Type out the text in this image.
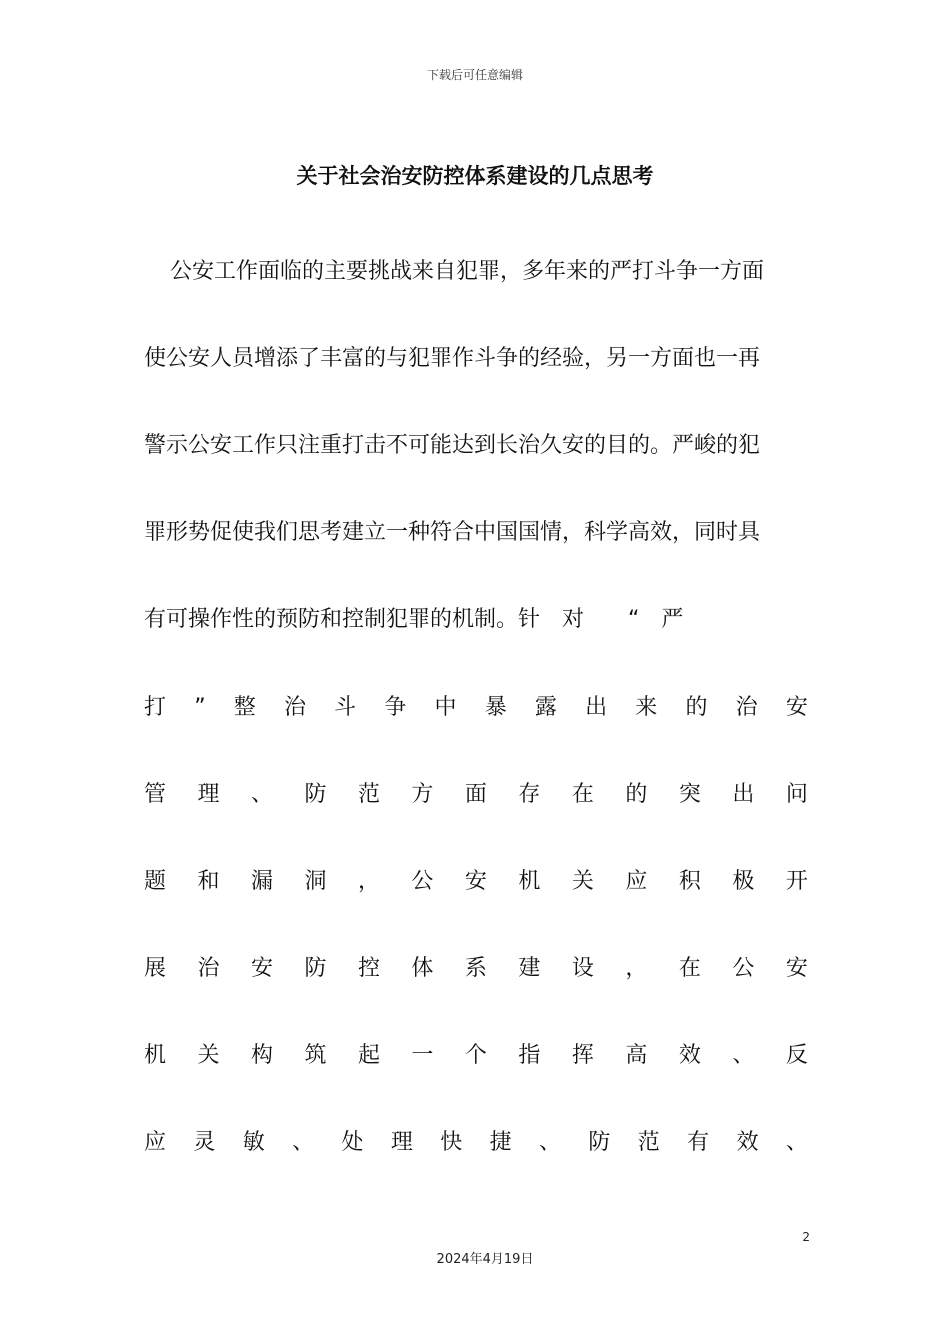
下载后可任意编辑
关于社会治安防控体系建设的几点思考
公安工作面临的主要挑战来自犯罪，多年来的严打斗争一方面
使公安人员增添了丰富的与犯罪作斗争的经验，另一方面也一再
警示公安工作只注重打击不可能达到长治久安的目的。严峻的犯
罪形势促使我们思考建立一种符合中国国情，科学高效，同时具
有可操作性的预防和控制犯罪的机制。针　对　　“　严
打 ” 整 治 斗 争 中 暴 露 出 来 的 治 安
管 理 、 防 范 方 面 存 在 的 突 出 问
题 和 漏 洞 ， 公 安 机 关 应 积 极 开
展 治 安 防 控 体 系 建 设 ， 在 公 安
机 关 构 筑 起 一 个 指 挥 高 效 、 反
应 灵 敏 、 处 理 快 捷 、 防 范 有 效 、
2
2024年4月19日
